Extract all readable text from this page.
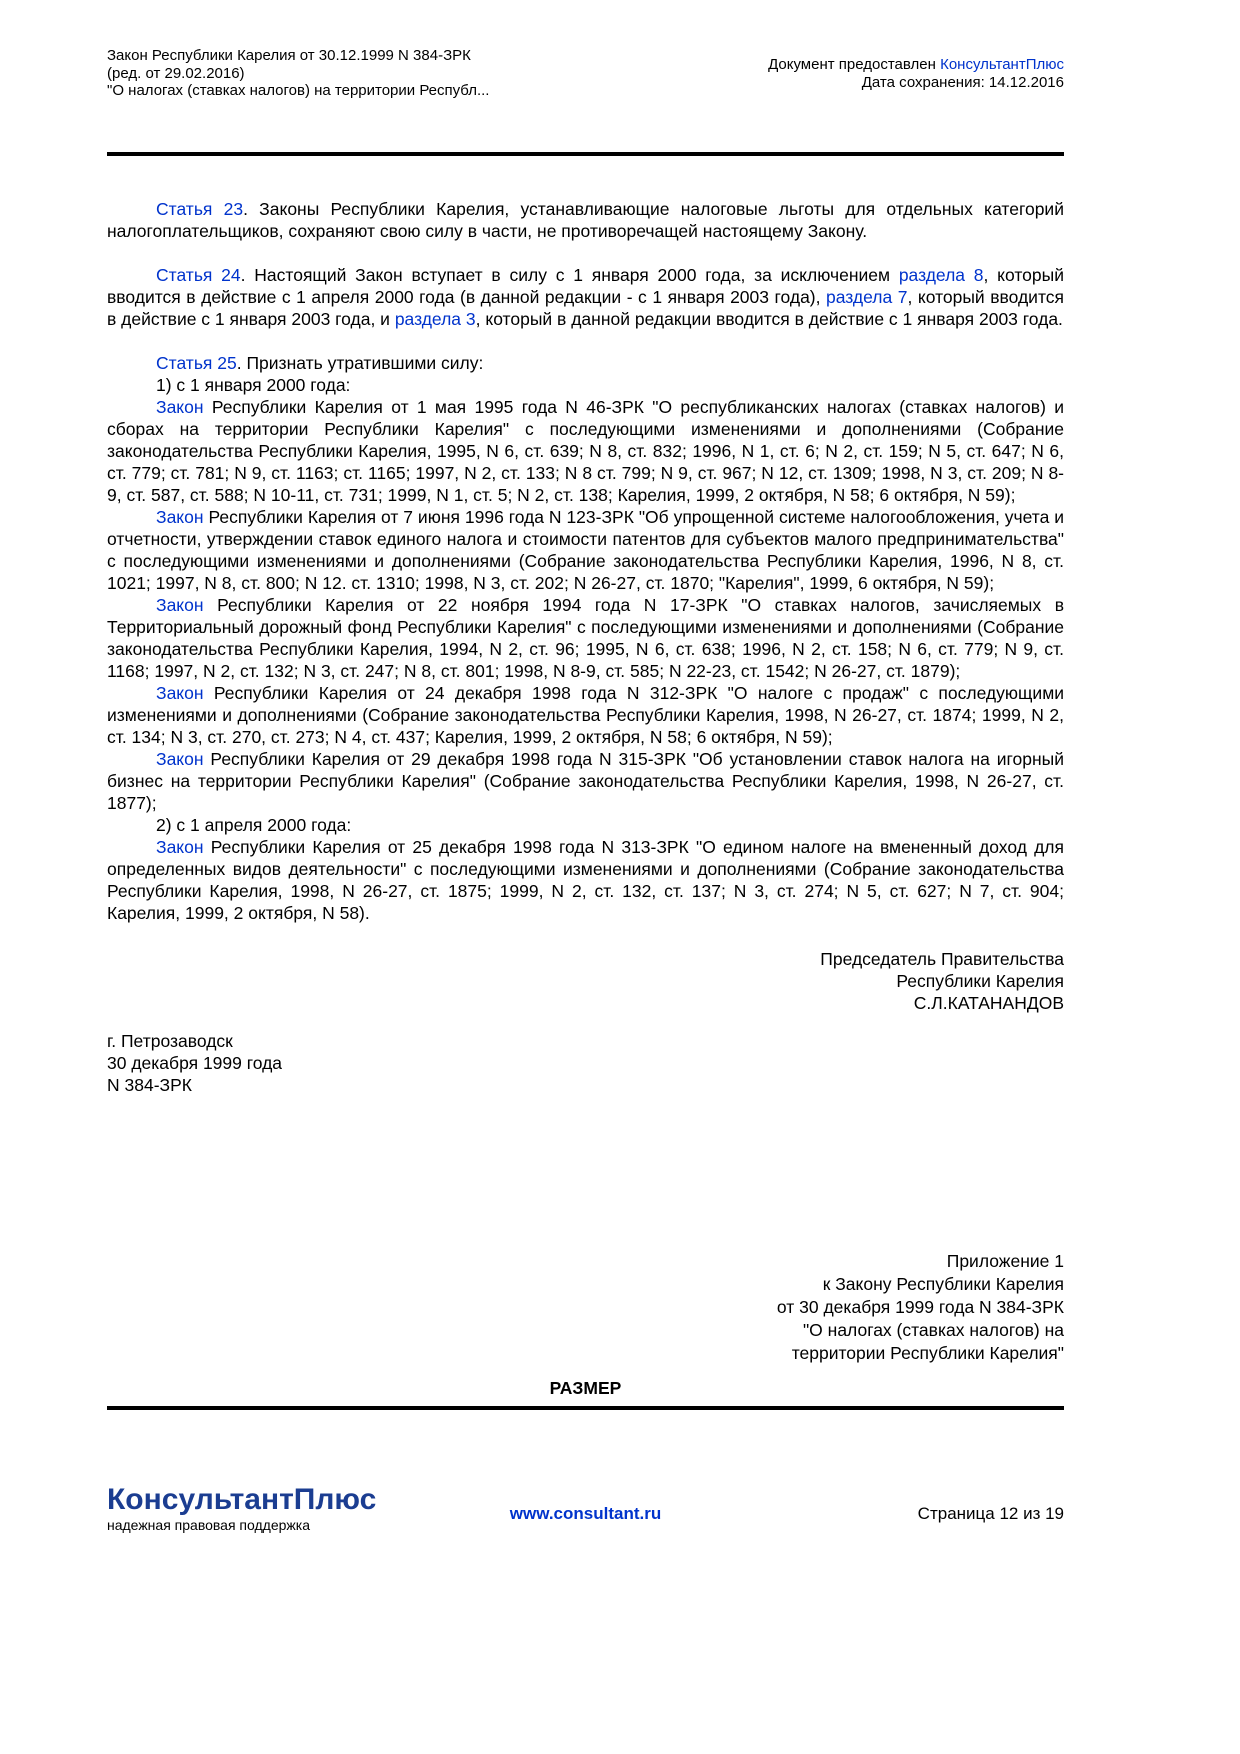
Закон Республики Карелия от 30.12.1999 N 384-ЗРК
(ред. от 29.02.2016)
"О налогах (ставках налогов) на территории Республ...
Документ предоставлен КонсультантПлюс
Дата сохранения: 14.12.2016

Статья 23. Законы Республики Карелия, устанавливающие налоговые льготы для отдельных категорий налогоплательщиков, сохраняют свою силу в части, не противоречащей настоящему Закону.

Статья 24. Настоящий Закон вступает в силу с 1 января 2000 года, за исключением раздела 8, который вводится в действие с 1 апреля 2000 года (в данной редакции - с 1 января 2003 года), раздела 7, который вводится в действие с 1 января 2003 года, и раздела 3, который в данной редакции вводится в действие с 1 января 2003 года.

Статья 25. Признать утратившими силу:

1) с 1 января 2000 года:

Закон Республики Карелия от 1 мая 1995 года N 46-ЗРК "О республиканских налогах (ставках налогов) и сборах на территории Республики Карелия" с последующими изменениями и дополнениями (Собрание законодательства Республики Карелия, 1995, N 6, ст. 639; N 8, ст. 832; 1996, N 1, ст. 6; N 2, ст. 159; N 5, ст. 647; N 6, ст. 779; ст. 781; N 9, ст. 1163; ст. 1165; 1997, N 2, ст. 133; N 8 ст. 799; N 9, ст. 967; N 12, ст. 1309; 1998, N 3, ст. 209; N 8-9, ст. 587, ст. 588; N 10-11, ст. 731; 1999, N 1, ст. 5; N 2, ст. 138; Карелия, 1999, 2 октября, N 58; 6 октября, N 59);

Закон Республики Карелия от 7 июня 1996 года N 123-ЗРК "Об упрощенной системе налогообложения, учета и отчетности, утверждении ставок единого налога и стоимости патентов для субъектов малого предпринимательства" с последующими изменениями и дополнениями (Собрание законодательства Республики Карелия, 1996, N 8, ст. 1021; 1997, N 8, ст. 800; N 12. ст. 1310; 1998, N 3, ст. 202; N 26-27, ст. 1870; "Карелия", 1999, 6 октября, N 59);

Закон Республики Карелия от 22 ноября 1994 года N 17-ЗРК "О ставках налогов, зачисляемых в Территориальный дорожный фонд Республики Карелия" с последующими изменениями и дополнениями (Собрание законодательства Республики Карелия, 1994, N 2, ст. 96; 1995, N 6, ст. 638; 1996, N 2, ст. 158; N 6, ст. 779; N 9, ст. 1168; 1997, N 2, ст. 132; N 3, ст. 247; N 8, ст. 801; 1998, N 8-9, ст. 585; N 22-23, ст. 1542; N 26-27, ст. 1879);

Закон Республики Карелия от 24 декабря 1998 года N 312-ЗРК "О налоге с продаж" с последующими изменениями и дополнениями (Собрание законодательства Республики Карелия, 1998, N 26-27, ст. 1874; 1999, N 2, ст. 134; N 3, ст. 270, ст. 273; N 4, ст. 437; Карелия, 1999, 2 октября, N 58; 6 октября, N 59);

Закон Республики Карелия от 29 декабря 1998 года N 315-ЗРК "Об установлении ставок налога на игорный бизнес на территории Республики Карелия" (Собрание законодательства Республики Карелия, 1998, N 26-27, ст. 1877);

2) с 1 апреля 2000 года:

Закон Республики Карелия от 25 декабря 1998 года N 313-ЗРК "О едином налоге на вмененный доход для определенных видов деятельности" с последующими изменениями и дополнениями (Собрание законодательства Республики Карелия, 1998, N 26-27, ст. 1875; 1999, N 2, ст. 132, ст. 137; N 3, ст. 274; N 5, ст. 627; N 7, ст. 904; Карелия, 1999, 2 октября, N 58).

Председатель Правительства
Республики Карелия
С.Л.КАТАНАНДОВ
г. Петрозаводск
30 декабря 1999 года
N 384-ЗРК
Приложение 1
к Закону Республики Карелия
от 30 декабря 1999 года N 384-ЗРК
"О налогах (ставках налогов) на
территории Республики Карелия"
РАЗМЕР
КонсультантПлюс
надежная правовая поддержка
www.consultant.ru	Страница 12 из 19
